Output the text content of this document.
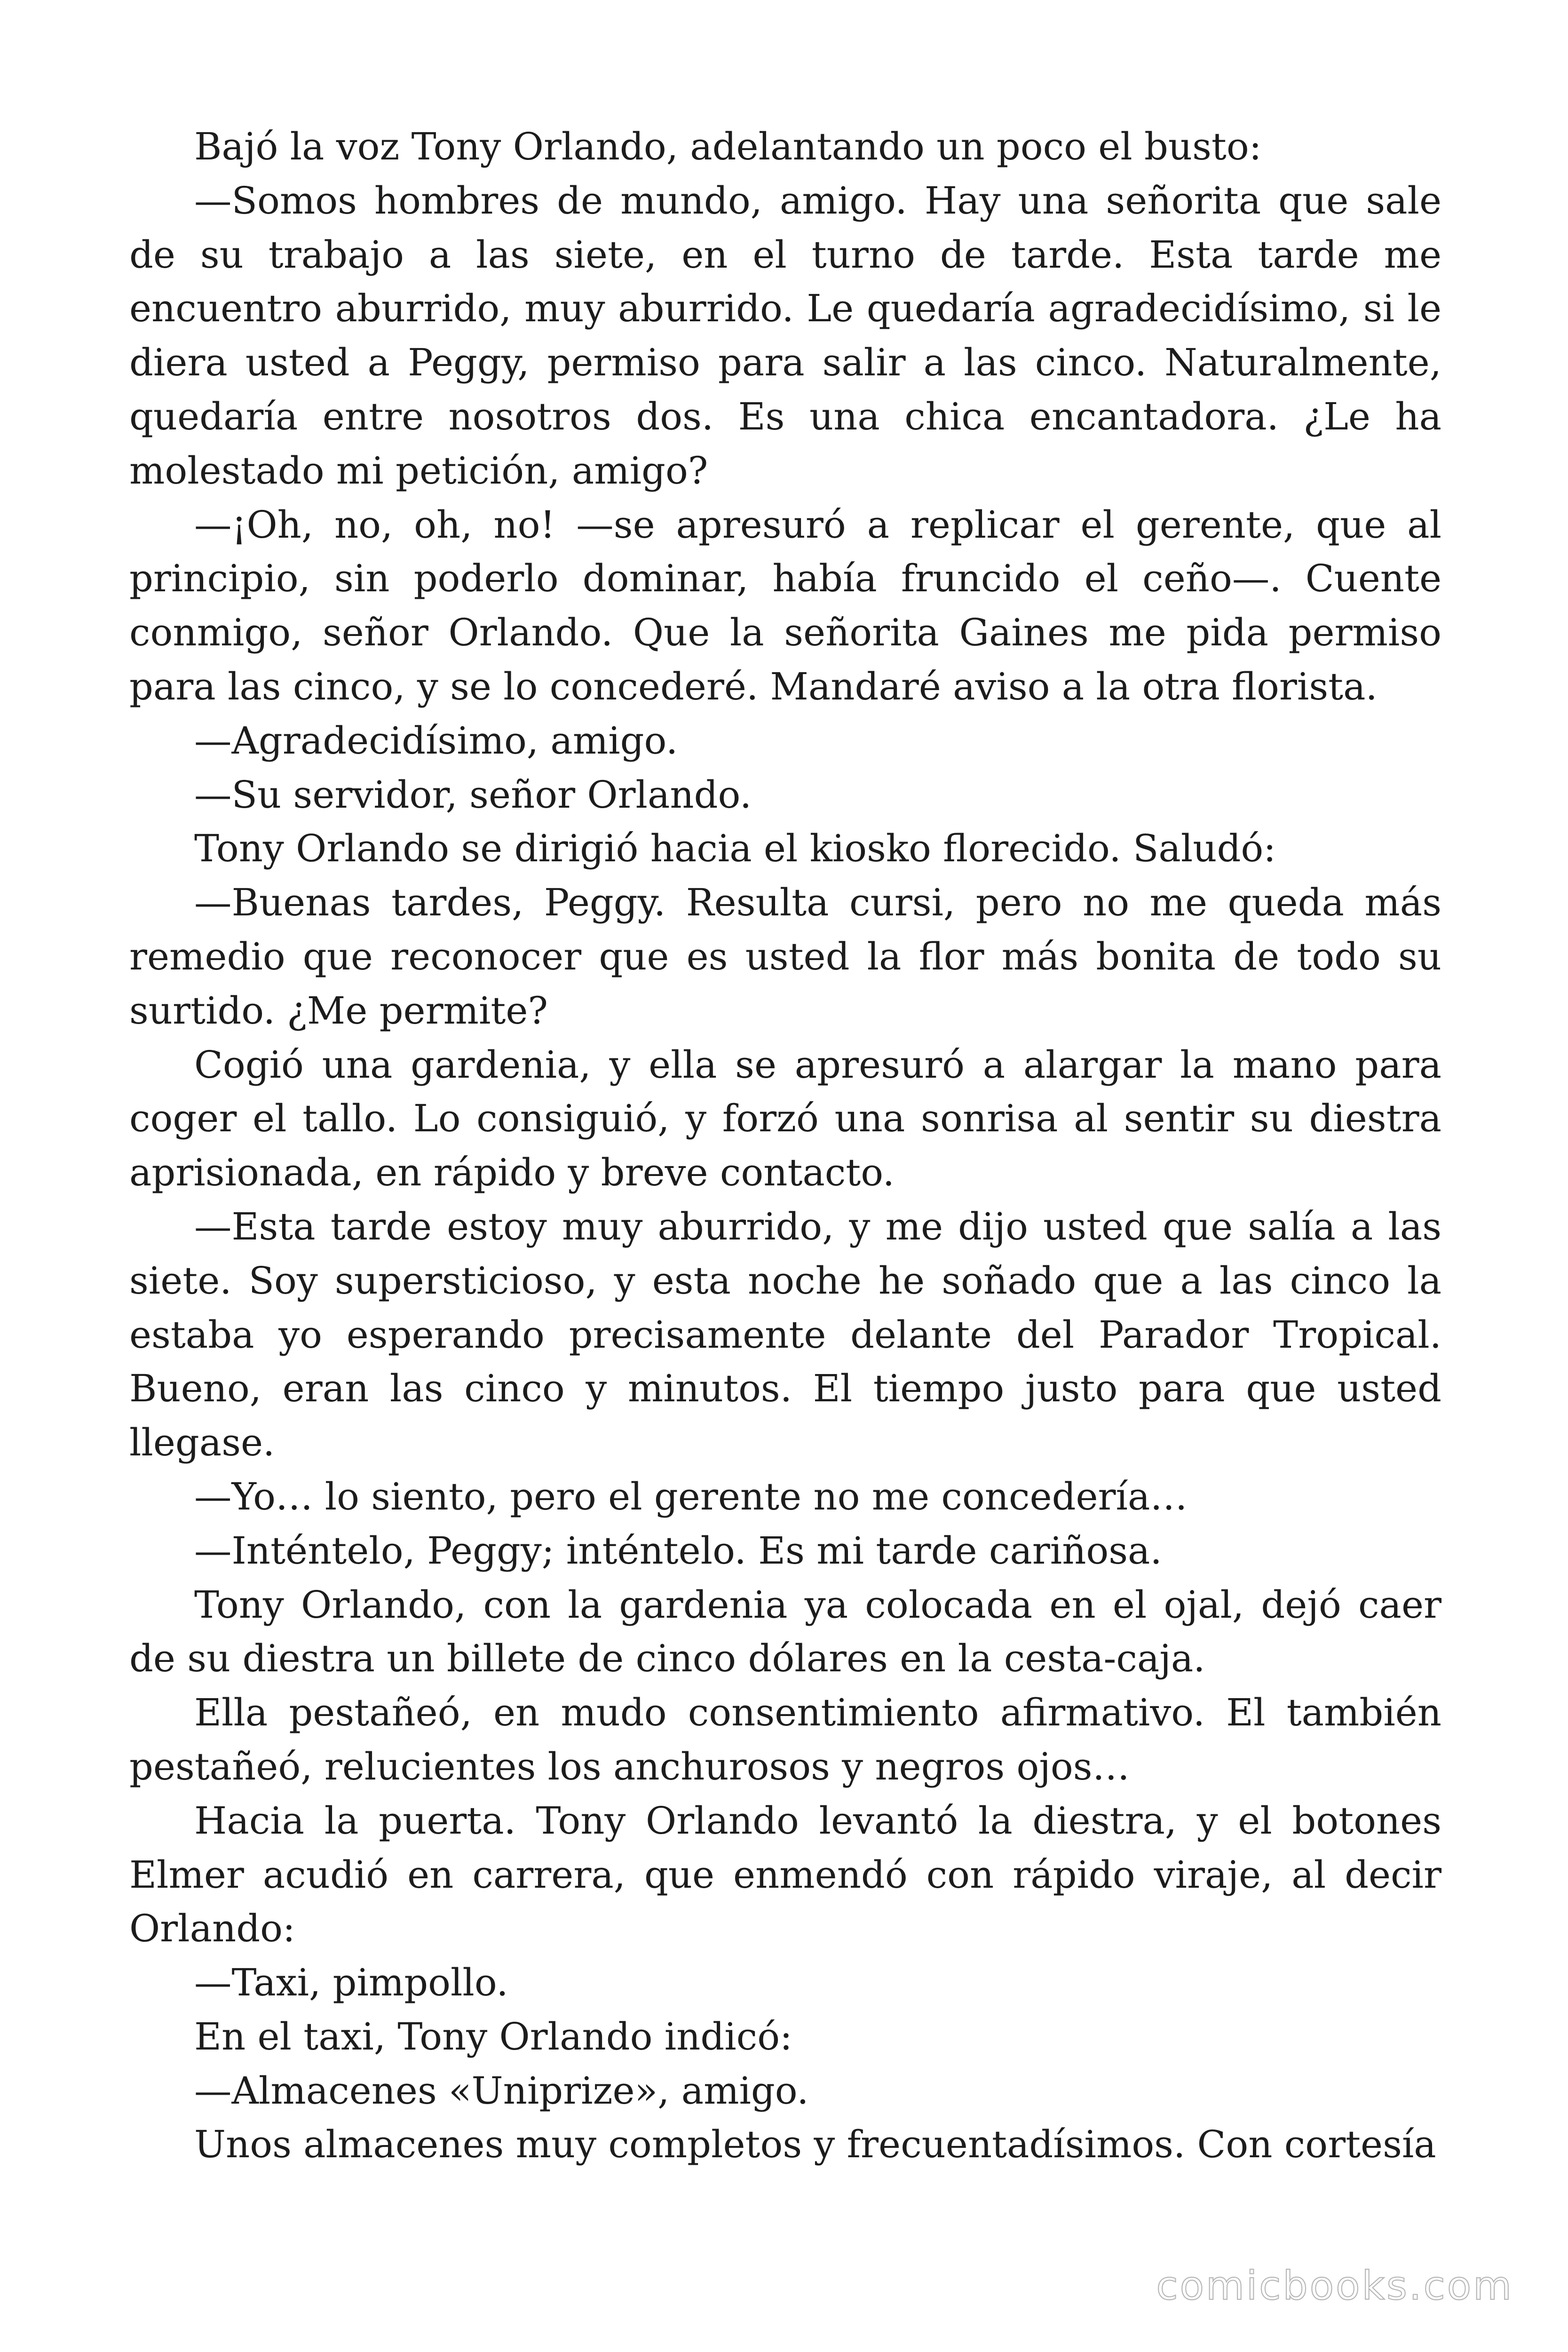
Bajó la voz Tony Orlando, adelantando un poco el busto:

—Somos hombres de mundo, amigo. Hay una señorita que sale de su trabajo a las siete, en el turno de tarde. Esta tarde me encuentro aburrido, muy aburrido. Le quedaría agradecidísimo, si le diera usted a Peggy, permiso para salir a las cinco. Naturalmente, quedaría entre nosotros dos. Es una chica encantadora. ¿Le ha molestado mi petición, amigo?

—¡Oh, no, oh, no! —se apresuró a replicar el gerente, que al principio, sin poderlo dominar, había fruncido el ceño—. Cuente conmigo, señor Orlando. Que la señorita Gaines me pida permiso para las cinco, y se lo concederé. Mandaré aviso a la otra florista.

—Agradecidísimo, amigo.

—Su servidor, señor Orlando.

Tony Orlando se dirigió hacia el kiosko florecido. Saludó:

—Buenas tardes, Peggy. Resulta cursi, pero no me queda más remedio que reconocer que es usted la flor más bonita de todo su surtido. ¿Me permite?

Cogió una gardenia, y ella se apresuró a alargar la mano para coger el tallo. Lo consiguió, y forzó una sonrisa al sentir su diestra aprisionada, en rápido y breve contacto.

—Esta tarde estoy muy aburrido, y me dijo usted que salía a las siete. Soy supersticioso, y esta noche he soñado que a las cinco la estaba yo esperando precisamente delante del Parador Tropical. Bueno, eran las cinco y minutos. El tiempo justo para que usted llegase.

—Yo… lo siento, pero el gerente no me concedería…

—Inténtelo, Peggy; inténtelo. Es mi tarde cariñosa.

Tony Orlando, con la gardenia ya colocada en el ojal, dejó caer de su diestra un billete de cinco dólares en la cesta-caja.

Ella pestañeó, en mudo consentimiento afirmativo. El también pestañeó, relucientes los anchurosos y negros ojos…

Hacia la puerta. Tony Orlando levantó la diestra, y el botones Elmer acudió en carrera, que enmendó con rápido viraje, al decir Orlando:

—Taxi, pimpollo.

En el taxi, Tony Orlando indicó:

—Almacenes «Uniprize», amigo.

Unos almacenes muy completos y frecuentadísimos. Con cortesía

comicbooks.com
